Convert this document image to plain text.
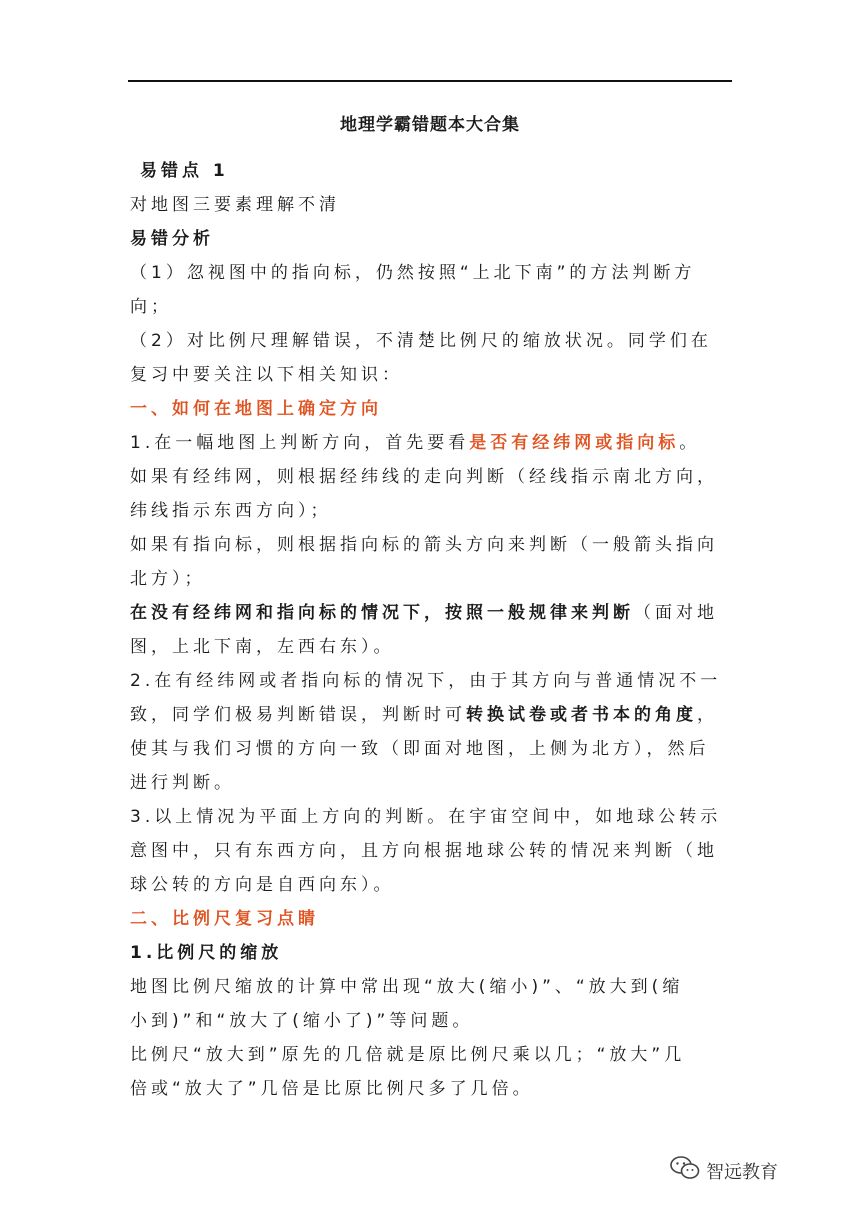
地理学霸错题本大合集
易错点 1
对地图三要素理解不清
易错分析
（1）忽视图中的指向标，仍然按照“上北下南”的方法判断方
向；
（2）对比例尺理解错误，不清楚比例尺的缩放状况。同学们在
复习中要关注以下相关知识：
一、如何在地图上确定方向
1.在一幅地图上判断方向，首先要看是否有经纬网或指向标。
如果有经纬网，则根据经纬线的走向判断（经线指示南北方向，
纬线指示东西方向）；
如果有指向标，则根据指向标的箭头方向来判断（一般箭头指向
北方）；
在没有经纬网和指向标的情况下，按照一般规律来判断（面对地
图，上北下南，左西右东）。
2.在有经纬网或者指向标的情况下，由于其方向与普通情况不一
致，同学们极易判断错误，判断时可转换试卷或者书本的角度，
使其与我们习惯的方向一致（即面对地图，上侧为北方），然后
进行判断。
3.以上情况为平面上方向的判断。在宇宙空间中，如地球公转示
意图中，只有东西方向，且方向根据地球公转的情况来判断（地
球公转的方向是自西向东）。
二、比例尺复习点睛
1.比例尺的缩放
地图比例尺缩放的计算中常出现“放大(缩小)”、“放大到(缩
小到)”和“放大了(缩小了)”等问题。
比例尺“放大到”原先的几倍就是原比例尺乘以几；“放大”几
倍或“放大了”几倍是比原比例尺多了几倍。
智远教育
